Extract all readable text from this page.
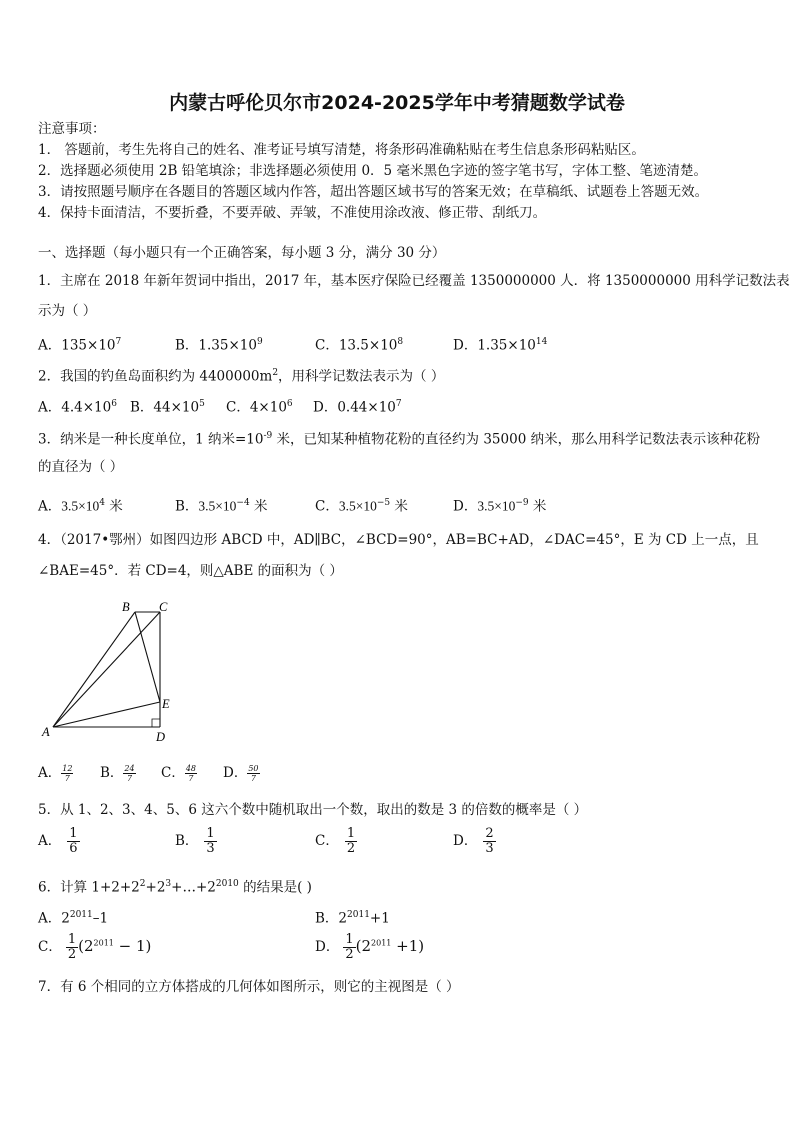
内蒙古呼伦贝尔市2024-2025学年中考猜题数学试卷
注意事项：
1． 答题前，考生先将自己的姓名、准考证号填写清楚，将条形码准确粘贴在考生信息条形码粘贴区。
2．选择题必须使用 2B 铅笔填涂；非选择题必须使用 0．5 毫米黑色字迹的签字笔书写，字体工整、笔迹清楚。
3．请按照题号顺序在各题目的答题区域内作答，超出答题区域书写的答案无效；在草稿纸、试题卷上答题无效。
4．保持卡面清洁，不要折叠，不要弄破、弄皱，不准使用涂改液、修正带、刮纸刀。
一、选择题（每小题只有一个正确答案，每小题 3 分，满分 30 分）
1．主席在 2018 年新年贺词中指出，2017 年，基本医疗保险已经覆盖 1350000000 人．将 1350000000 用科学记数法表
示为（ ）
A．$135\times 10^7$	B．$1.35\times 10^9$	C．$13.5\times 10^8$	D．$1.35\times 10^{14}$
2．我国的钓鱼岛面积约为 $4400000m^2$，用科学记数法表示为（ ）
A．$4.4\times 10^6$ B．$44\times 10^5$ C．$4\times 10^6$ D．$0.44\times 10^7$
3．纳米是一种长度单位，1 纳米$=10^{-9}$ 米，已知某种植物花粉的直径约为 35000 纳米，那么用科学记数法表示该种花粉
的直径为（ ）
A．$3.5\times 10^4$ 米	B．$3.5\times 10^{-4}$ 米	C．$3.5\times 10^{-5}$ 米	D．$3.5\times 10^{-9}$ 米
4．（2017•鄂州）如图四边形 ABCD 中，AD∥BC，∠BCD=90°，AB=BC+AD，∠DAC=45°，E 为 CD 上一点，且
∠BAE=45°．若 CD=4，则△ABE 的面积为（ ）
A
B C
D
E
A． $\frac{12}{7}$ B． $\frac{24}{7}$ C． $\frac{48}{7}$ D． $\frac{50}{7}$
5．从 1、2、3、4、5、6 这六个数中随机取出一个数，取出的数是 3 的倍数的概率是（ ）
A． $\frac{1}{6}$	B． $\frac{1}{3}$	C． $\frac{1}{2}$	D． $\frac{2}{3}$
6．计算 $1+2+2^2+2^3+\dots+2^{2010}$ 的结果是( )
A．$2^{2011}-1$	B．$2^{2011}+1$
C． $\frac{1}{2} (2^{2011} - 1)$	D． $\frac{1}{2} (2^{2011} +1)$
7．有 6 个相同的立方体搭成的几何体如图所示，则它的主视图是（ ）
